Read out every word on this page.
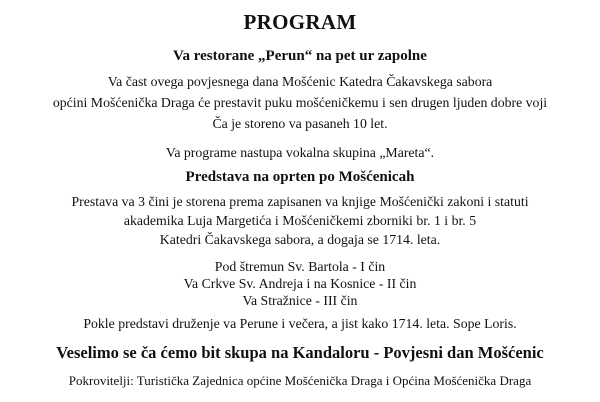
PROGRAM
Va restorane „Perun“ na pet ur zapolne
Va čast ovega povjesnega dana Mošćenic Katedra Čakavskega sabora
općini Mošćenička Draga će prestavit puku mošćeničkemu i sen drugen ljuden dobre voji
Ča je storeno va pasaneh 10 let.
Va programe nastupa vokalna skupina „Mareta“.
Predstava na oprten po Mošćenicah
Prestava va 3 čini je storena prema zapisanen va knjige Mošćenički zakoni i statuti
akademika Luja Margetića i Mošćeničkemi zborniki br. 1 i br. 5
Katedri Čakavskega sabora, a dogaja se 1714. leta.
Pod štremun Sv. Bartola - I čin
Va Crkve Sv. Andreja i na Kosnice - II čin
Va Stražnice - III čin
Pokle predstavi druženje va Perune i večera, a jist kako 1714. leta. Sope Loris.
Veselimo se ča ćemo bit skupa na Kandaloru - Povjesni dan Mošćenic
Pokrovitelji: Turistička Zajednica općine Mošćenička Draga i Općina Mošćenička Draga
